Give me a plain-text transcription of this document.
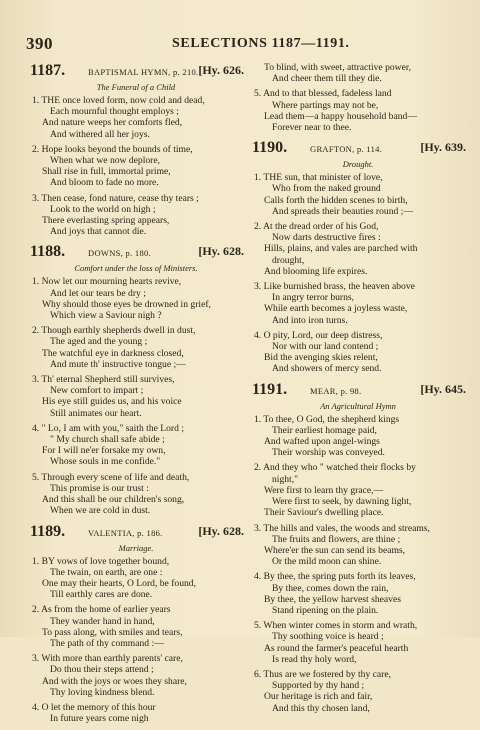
390	SELECTIONS 1187—1191.
1187.	BAPTISMAL HYMN, p. 210. [Hy. 626.
The Funeral of a Child
1. THE once loved form, now cold and dead,
Each mournful thought employs ;
And nature weeps her comforts fled,
And withered all her joys.
2. Hope looks beyond the bounds of time,
When what we now deplore,
Shall rise in full, immortal prime,
And bloom to fade no more.
3. Then cease, fond nature, cease thy tears ;
Look to the world on high ;
There everlasting spring appears,
And joys that cannot die.
1188.	DOWNS, p. 180.	[Hy. 628.
Comfort under the loss of Ministers.
1. Now let our mourning hearts revive,
And let our tears be dry ;
Why should those eyes be drowned in grief,
Which view a Saviour nigh ?
2. Though earthly shepherds dwell in dust,
The aged and the young ;
The watchful eye in darkness closed,
And mute th' instructive tongue ;—
3. Th' eternal Shepherd still survives,
New comfort to impart ;
His eye still guides us, and his voice
Still animates our heart.
4. " Lo, I am with you," saith the Lord ;
" My church shall safe abide ;
For I will ne'er forsake my own,
Whose souls in me confide."
5. Through every scene of life and death,
This promise is our trust :
And this shall be our children's song,
When we are cold in dust.
1189.	VALENTIA, p. 186.	[Hy. 628.
Marriage.
1. BY vows of love together bound,
The twain, on earth, are one :
One may their hearts, O Lord, be found,
Till earthly cares are done.
2. As from the home of earlier years
They wander hand in hand,
To pass along, with smiles and tears,
The path of thy command :—
3. With more than earthly parents' care,
Do thou their steps attend ;
And with the joys or woes they share,
Thy loving kindness blend.
4. O let the memory of this hour
In future years come nigh
To blind, with sweet, attractive power,
And cheer them till they die.
5. And to that blessed, fadeless land
Where partings may not be,
Lead them—a happy household band—
Forever near to thee.
1190.	GRAFTON, p. 114.	[Hy. 639.
Drought.
1. THE sun, that minister of love,
Who from the naked ground
Calls forth the hidden scenes to birth,
And spreads their beauties round ;—
2. At the dread order of his God,
Now darts destructive fires :
Hills, plains, and vales are parched with
drought,
And blooming life expires.
3. Like burnished brass, the heaven above
In angry terror burns,
While earth becomes a joyless waste,
And into iron turns.
4. O pity, Lord, our deep distress,
Nor with our land contend ;
Bid the avenging skies relent,
And showers of mercy send.
1191.	MEAR, p. 98.	[Hy. 645.
An Agricultural Hymn
1. To thee, O God, the shepherd kings
Their earliest homage paid,
And wafted upon angel-wings
Their worship was conveyed.
2. And they who " watched their flocks by
night,"
Were first to learn thy grace,—
Were first to seek, by dawning light,
Their Saviour's dwelling place.
3. The hills and vales, the woods and streams,
The fruits and flowers, are thine ;
Where'er the sun can send its beams,
Or the mild moon can shine.
4. By thee, the spring puts forth its leaves,
By thee, comes down the rain,
By thee, the yellow harvest sheaves
Stand ripening on the plain.
5. When winter comes in storm and wrath,
Thy soothing voice is heard ;
As round the farmer's peaceful hearth
Is read thy holy word,
6. Thus are we fostered by thy care,
Supported by thy hand ;
Our heritage is rich and fair,
And this thy chosen land,
